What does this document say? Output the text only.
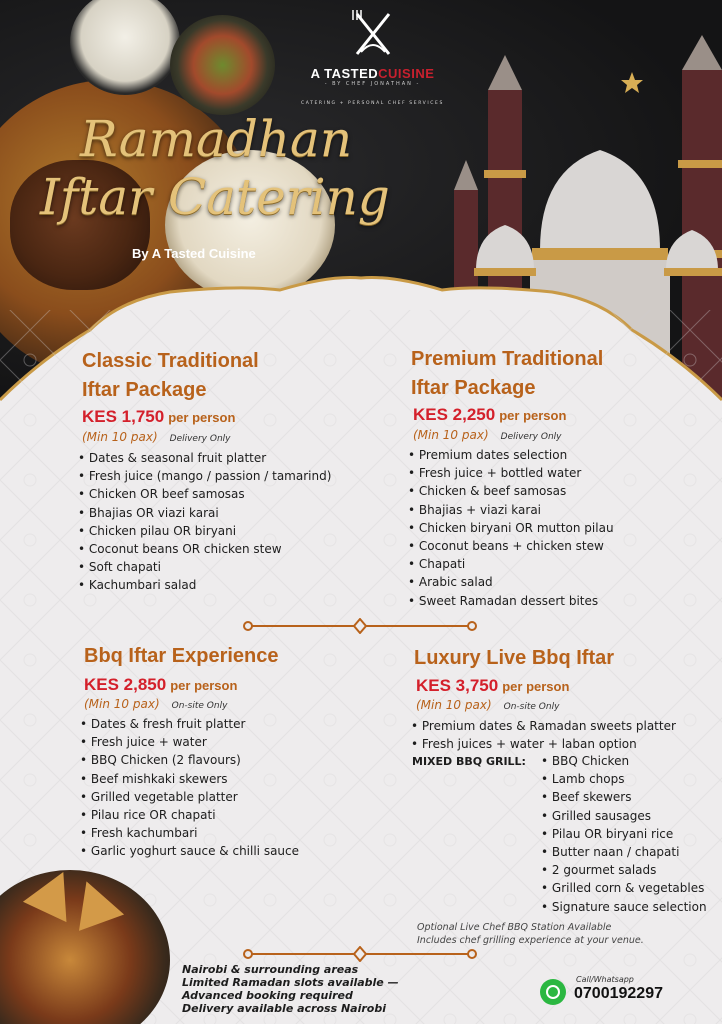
A TASTEDCUISINE
- BY CHEF JONATHAN -
CATERING + PERSONAL CHEF SERVICES
Ramadhan
Iftar Catering
By A Tasted Cuisine
Classic Traditional
Iftar Package
KES 1,750 per person
(Min 10 pax) Delivery Only
• Dates & seasonal fruit platter
• Fresh juice (mango / passion / tamarind)
• Chicken OR beef samosas
• Bhajias OR viazi karai
• Chicken pilau OR biryani
• Coconut beans OR chicken stew
• Soft chapati
• Kachumbari salad
Premium Traditional
Iftar Package
KES 2,250 per person
(Min 10 pax) Delivery Only
• Premium dates selection
• Fresh juice + bottled water
• Chicken & beef samosas
• Bhajias + viazi karai
• Chicken biryani OR mutton pilau
• Coconut beans + chicken stew
• Chapati
• Arabic salad
• Sweet Ramadan dessert bites
Bbq Iftar Experience
KES 2,850 per person
(Min 10 pax) On-site Only
• Dates & fresh fruit platter
• Fresh juice + water
• BBQ Chicken (2 flavours)
• Beef mishkaki skewers
• Grilled vegetable platter
• Pilau rice OR chapati
• Fresh kachumbari
• Garlic yoghurt sauce & chilli sauce
Luxury Live Bbq Iftar
KES 3,750 per person
(Min 10 pax) On-site Only
• Premium dates & Ramadan sweets platter
• Fresh juices + water + laban option
MIXED BBQ GRILL:
•	BBQ Chicken
• Lamb chops
• Beef skewers
• Grilled sausages
• Pilau OR biryani rice
• Butter naan / chapati
• 2 gourmet salads
• Grilled corn & vegetables
• Signature sauce selection
Optional Live Chef BBQ Station Available
Includes chef grilling experience at your venue.
Nairobi & surrounding areas
Limited Ramadan slots available —
Advanced booking required
Delivery available across Nairobi
Call/Whatsapp
0700192297
